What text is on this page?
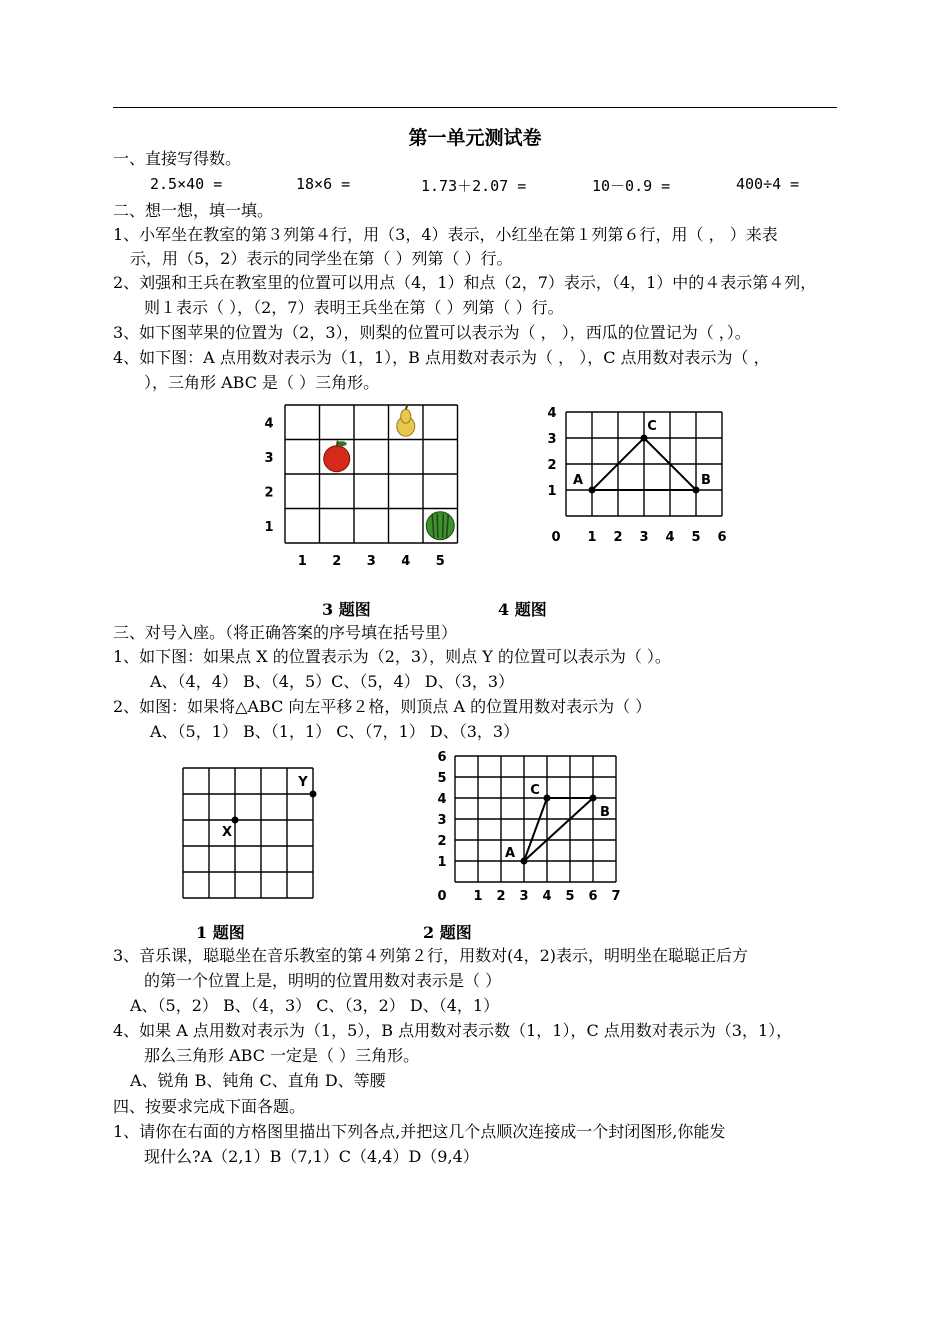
第一单元测试卷
一、直接写得数。
2.5×40 =	18×6 =	1.73＋2.07 =	10－0.9 =	400÷4 =
二、想一想，填一填。
1、小军坐在教室的第３列第４行，用（3，4）表示，小红坐在第１列第６行，用（ ， ）来表
示，用（5，2）表示的同学坐在第（ ）列第（ ）行。
2、刘强和王兵在教室里的位置可以用点（4，1）和点（2，7）表示，（4，1）中的４表示第４列，
则１表示（ ），（2，7）表明王兵坐在第（ ）列第（ ）行。
3、如下图苹果的位置为（2，3），则梨的位置可以表示为（ ， ），西瓜的位置记为（ ，）。
4、如下图：A 点用数对表示为（1，1），B 点用数对表示为（ ， ），C 点用数对表示为（ ，
），三角形 ABC 是（ ）三角形。
1 2 3 4 5
1
2
3
4
3 题图
0 1 2 3 4 5 6
1
2
3
4
A	B
C
4 题图
三、对号入座。（将正确答案的序号填在括号里）
1、如下图：如果点 X 的位置表示为（2，3），则点 Y 的位置可以表示为（ ）。
A、（4，4） B、（4，5）C、（5，4） D、（3，3）
2、如图：如果将△ABC 向左平移２格，则顶点 A 的位置用数对表示为（ ）
A、（5，1） B、（1，1） C、（7，1） D、（3，3）
X
Y
1 题图
0 1 2 3 4 5 6 7
1
2
3
4
5
6
A
B
C
2 题图
3、音乐课，聪聪坐在音乐教室的第４列第２行，用数对(4，2)表示，明明坐在聪聪正后方
的第一个位置上是，明明的位置用数对表示是（ ）
A、（5，2） B、（4，3） C、（3，2） D、（4，1）
4、如果 A 点用数对表示为（1，5），B 点用数对表示数（1，1），C 点用数对表示为（3，1），
那么三角形 ABC 一定是（ ）三角形。
A、锐角 B、钝角 C、直角 D、等腰
四、按要求完成下面各题。
1、请你在右面的方格图里描出下列各点,并把这几个点顺次连接成一个封闭图形,你能发
现什么?A（2,1）B（7,1）C（4,4）D（9,4）
